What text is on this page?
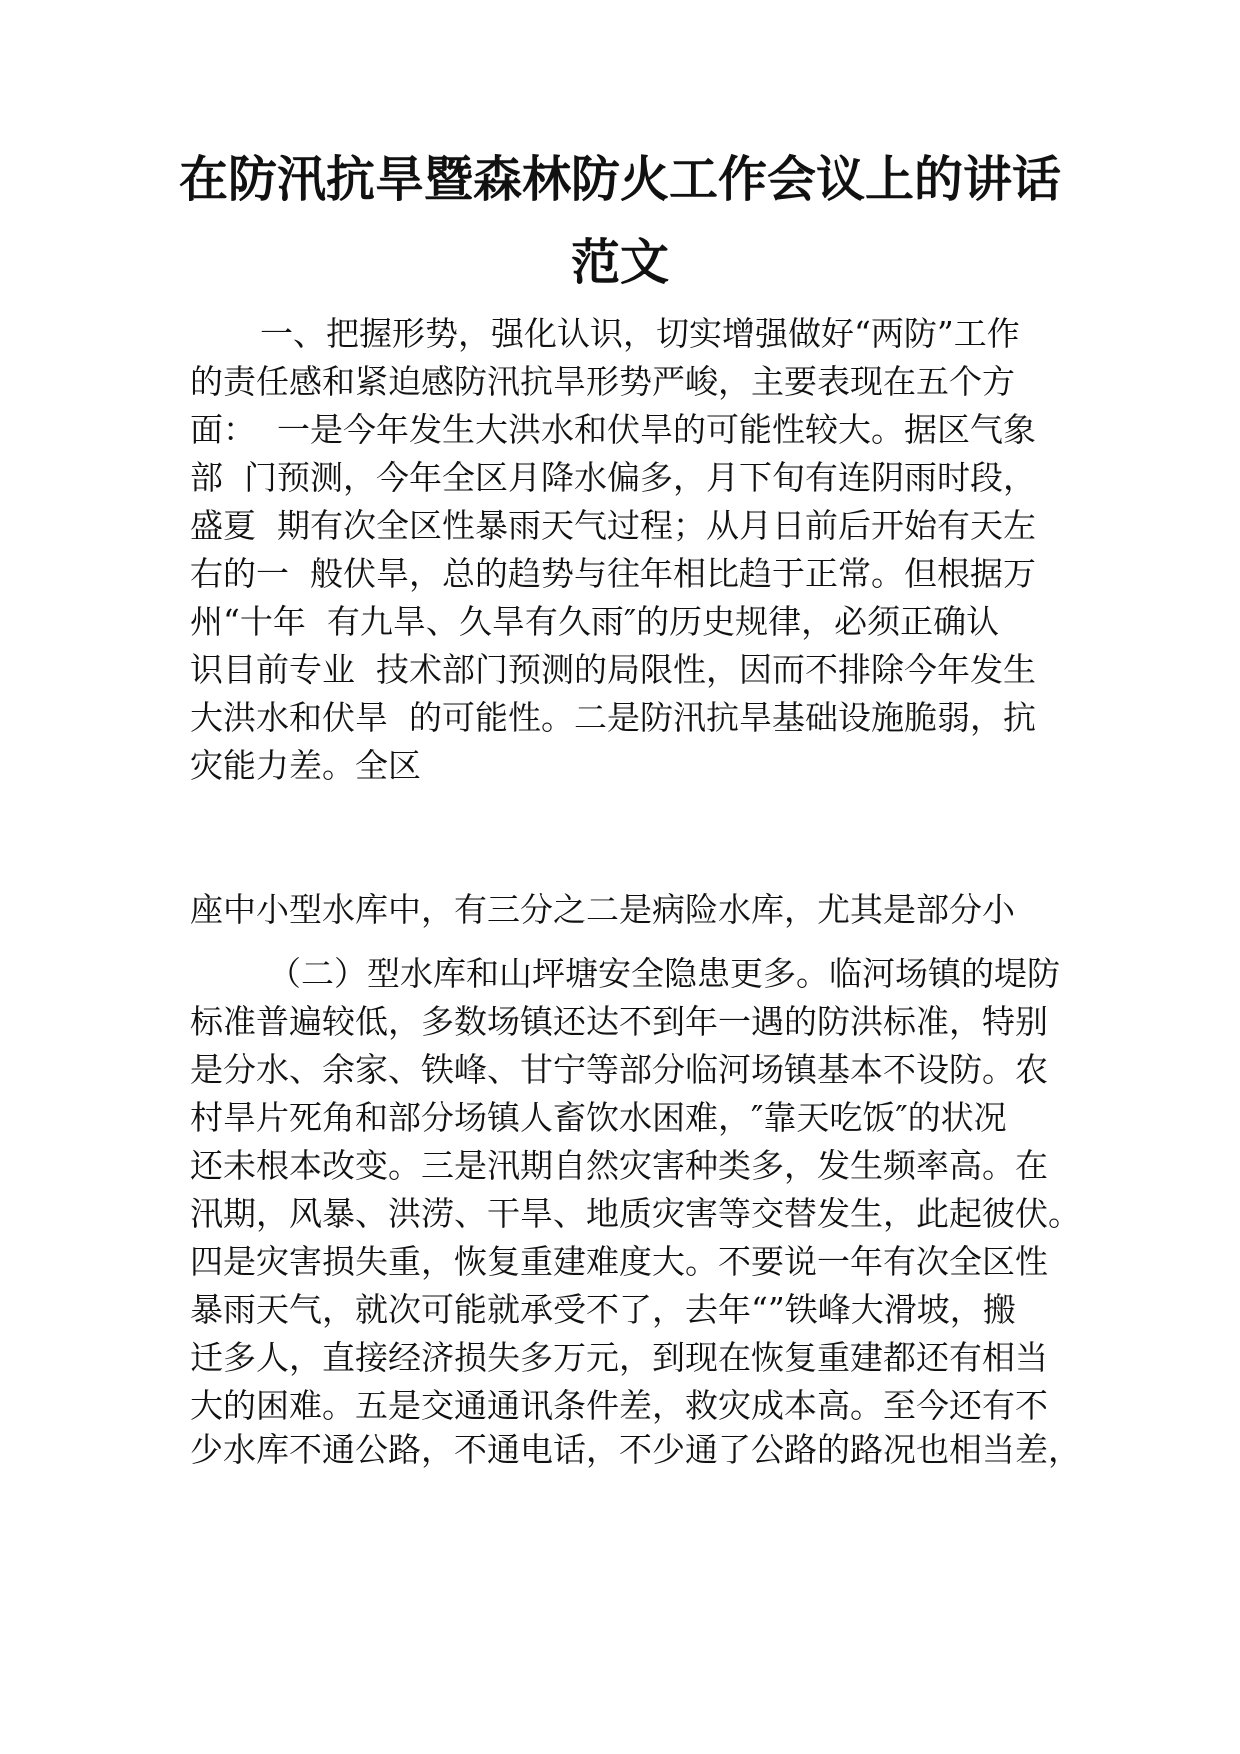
在防汛抗旱暨森林防火工作会议上的讲话
范文
一、把握形势，强化认识，切实增强做好“两防”工作
的责任感和紧迫感防汛抗旱形势严峻，主要表现在五个方
面：  一是今年发生大洪水和伏旱的可能性较大。据区气象
部  门预测，今年全区月降水偏多，月下旬有连阴雨时段，
盛夏  期有次全区性暴雨天气过程；从月日前后开始有天左
右的一  般伏旱，总的趋势与往年相比趋于正常。但根据万
州“十年  有九旱、久旱有久雨″的历史规律，必须正确认
识目前专业  技术部门预测的局限性，因而不排除今年发生
大洪水和伏旱  的可能性。二是防汛抗旱基础设施脆弱，抗
灾能力差。全区
座中小型水库中，有三分之二是病险水库，尤其是部分小
（二）型水库和山坪塘安全隐患更多。临河场镇的堤防
标准普遍较低，多数场镇还达不到年一遇的防洪标准，特别
是分水、余家、铁峰、甘宁等部分临河场镇基本不设防。农
村旱片死角和部分场镇人畜饮水困难，″靠天吃饭″的状况
还未根本改变。三是汛期自然灾害种类多，发生频率高。在
汛期，风暴、洪涝、干旱、地质灾害等交替发生，此起彼伏。
四是灾害损失重，恢复重建难度大。不要说一年有次全区性
暴雨天气，就次可能就承受不了，去年“”铁峰大滑坡，搬
迁多人，直接经济损失多万元，到现在恢复重建都还有相当
大的困难。五是交通通讯条件差，救灾成本高。至今还有不
少水库不通公路，不通电话，不少通了公路的路况也相当差，
